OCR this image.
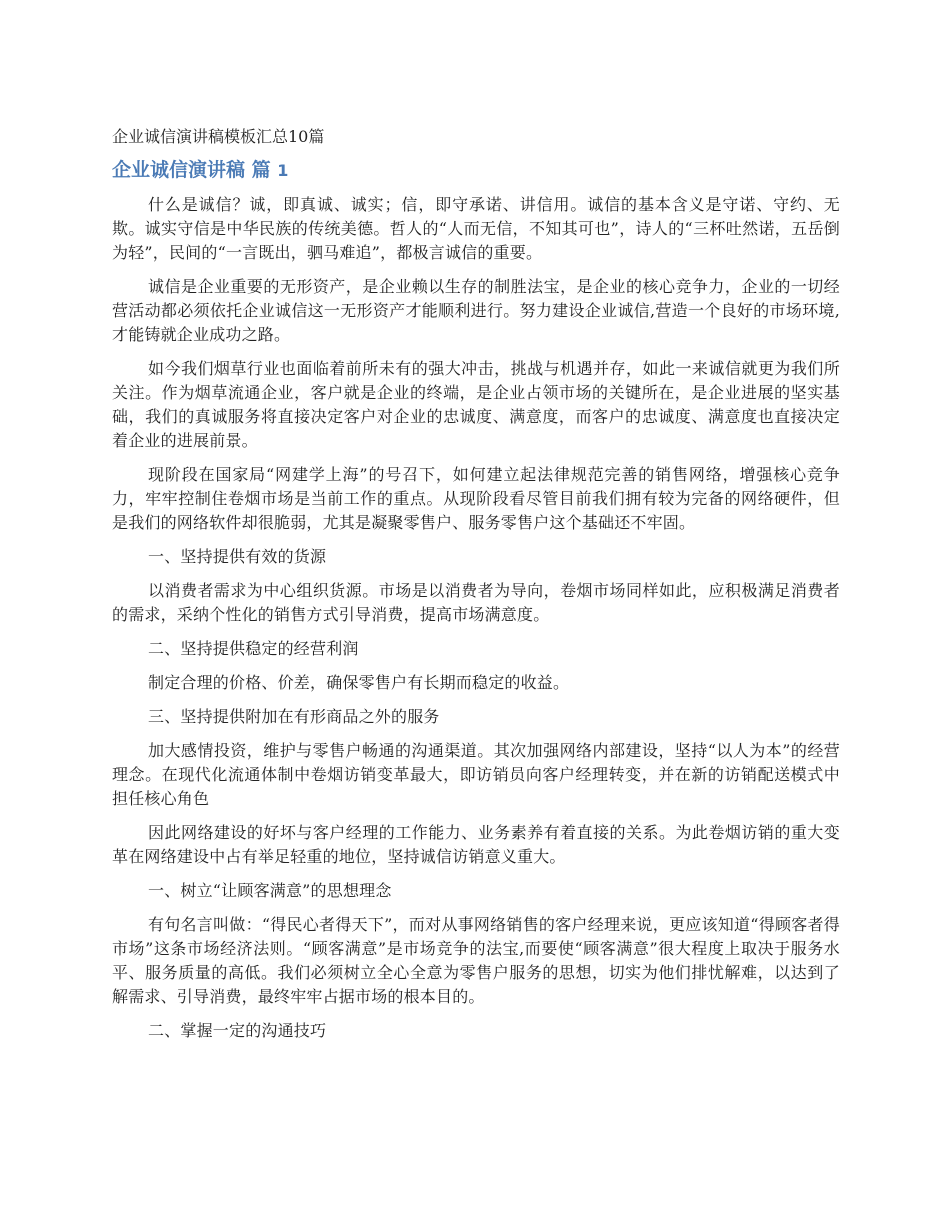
企业诚信演讲稿模板汇总10篇
企业诚信演讲稿 篇 1

什么是诚信？诚，即真诚、诚实；信，即守承诺、讲信用。诚信的基本含义是守诺、守约、无欺。诚实守信是中华民族的传统美德。哲人的“人而无信，不知其可也”，诗人的“三杯吐然诺，五岳倒为轻”，民间的“一言既出，驷马难追”，都极言诚信的重要。

诚信是企业重要的无形资产，是企业赖以生存的制胜法宝，是企业的核心竞争力，企业的一切经营活动都必须依托企业诚信这一无形资产才能顺利进行。努力建设企业诚信,营造一个良好的市场环境,才能铸就企业成功之路。

如今我们烟草行业也面临着前所未有的强大冲击，挑战与机遇并存，如此一来诚信就更为我们所关注。作为烟草流通企业，客户就是企业的终端，是企业占领市场的关键所在，是企业进展的坚实基础，我们的真诚服务将直接决定客户对企业的忠诚度、满意度，而客户的忠诚度、满意度也直接决定着企业的进展前景。

现阶段在国家局“网建学上海”的号召下，如何建立起法律规范完善的销售网络，增强核心竞争力，牢牢控制住卷烟市场是当前工作的重点。从现阶段看尽管目前我们拥有较为完备的网络硬件，但是我们的网络软件却很脆弱，尤其是凝聚零售户、服务零售户这个基础还不牢固。

一、坚持提供有效的货源

以消费者需求为中心组织货源。市场是以消费者为导向，卷烟市场同样如此，应积极满足消费者的需求，采纳个性化的销售方式引导消费，提高市场满意度。

二、坚持提供稳定的经营利润

制定合理的价格、价差，确保零售户有长期而稳定的收益。

三、坚持提供附加在有形商品之外的服务

加大感情投资，维护与零售户畅通的沟通渠道。其次加强网络内部建设，坚持“以人为本”的经营理念。在现代化流通体制中卷烟访销变革最大，即访销员向客户经理转变，并在新的访销配送模式中担任核心角色

因此网络建设的好坏与客户经理的工作能力、业务素养有着直接的关系。为此卷烟访销的重大变革在网络建设中占有举足轻重的地位，坚持诚信访销意义重大。

一、树立“让顾客满意”的思想理念

有句名言叫做：“得民心者得天下”，而对从事网络销售的客户经理来说，更应该知道“得顾客者得市场”这条市场经济法则。“顾客满意”是市场竞争的法宝,而要使“顾客满意”很大程度上取决于服务水平、服务质量的高低。我们必须树立全心全意为零售户服务的思想，切实为他们排忧解难，以达到了解需求、引导消费，最终牢牢占据市场的根本目的。

二、掌握一定的沟通技巧
